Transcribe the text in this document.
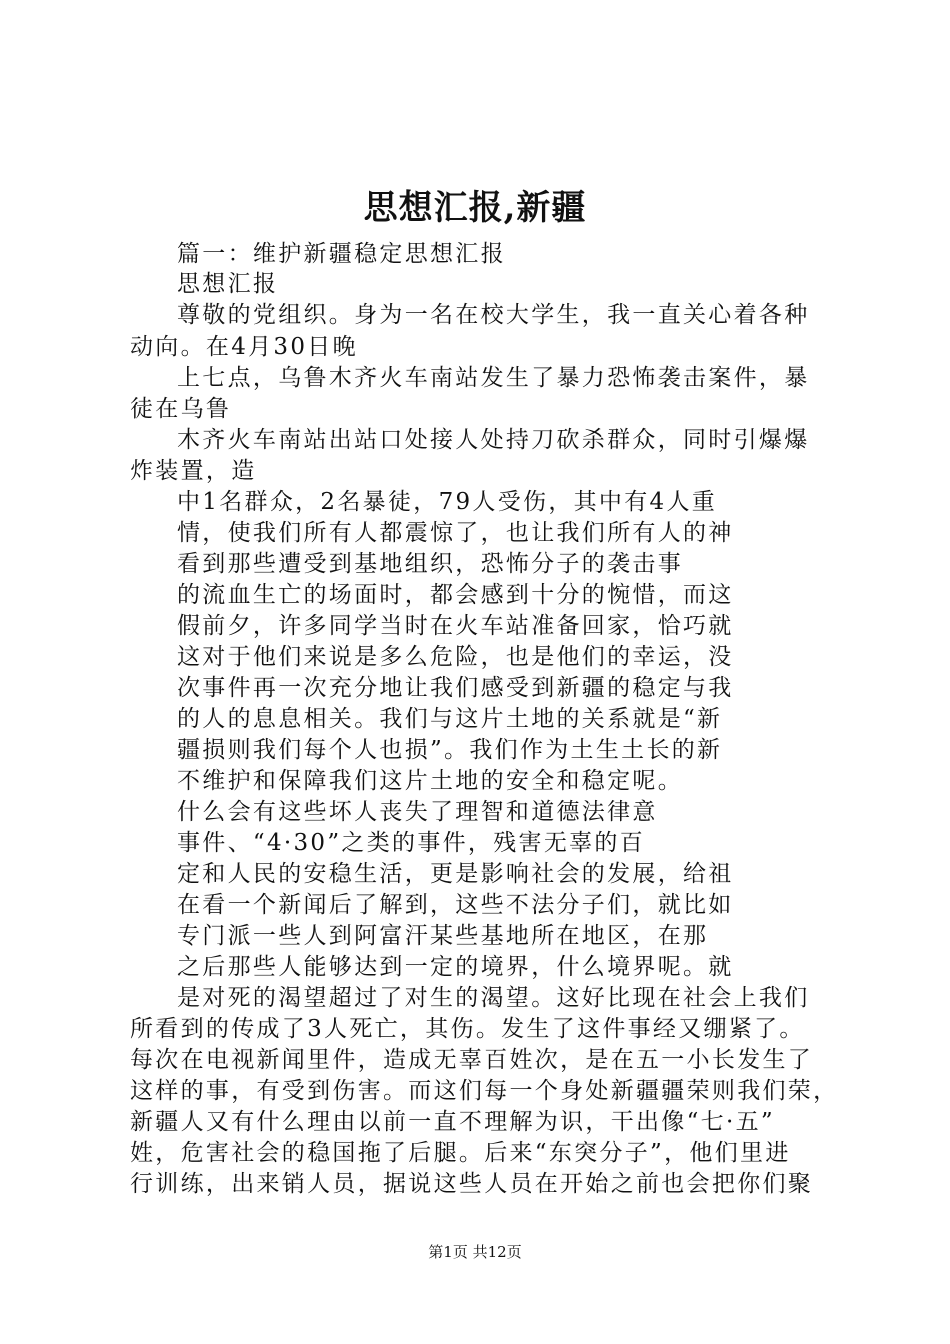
思想汇报,新疆

篇一：维护新疆稳定思想汇报

思想汇报

尊敬的党组织。身为一名在校大学生，我一直关心着各种

动向。在4月30日晚

上七点，乌鲁木齐火车南站发生了暴力恐怖袭击案件，暴

徒在乌鲁

木齐火车南站出站口处接人处持刀砍杀群众，同时引爆爆

炸装置，造

中1名群众，2名暴徒，79人受伤，其中有4人重

情，使我们所有人都震惊了，也让我们所有人的神

看到那些遭受到基地组织，恐怖分子的袭击事

的流血生亡的场面时，都会感到十分的惋惜，而这

假前夕，许多同学当时在火车站准备回家，恰巧就

这对于他们来说是多么危险，也是他们的幸运，没

次事件再一次充分地让我们感受到新疆的稳定与我

的人的息息相关。我们与这片土地的关系就是“新

疆损则我们每个人也损”。我们作为土生土长的新

不维护和保障我们这片土地的安全和稳定呢。

什么会有这些坏人丧失了理智和道德法律意

事件、“4·30”之类的事件，残害无辜的百

定和人民的安稳生活，更是影响社会的发展，给祖

在看一个新闻后了解到，这些不法分子们，就比如

专门派一些人到阿富汗某些基地所在地区，在那

之后那些人能够达到一定的境界，什么境界呢。就

是对死的渴望超过了对生的渴望。这好比现在社会上我们

所看到的传成了3人死亡，其伤。发生了这件事经又绷紧了。

每次在电视新闻里件，造成无辜百姓次，是在五一小长发生了

这样的事，有受到伤害。而这们每一个身处新疆疆荣则我们荣，

新疆人又有什么理由以前一直不理解为识，干出像“七·五”

姓，危害社会的稳国拖了后腿。后来“东突分子”，他们里进

行训练，出来销人员，据说这些人员在开始之前也会把你们聚

第1页 共12页
